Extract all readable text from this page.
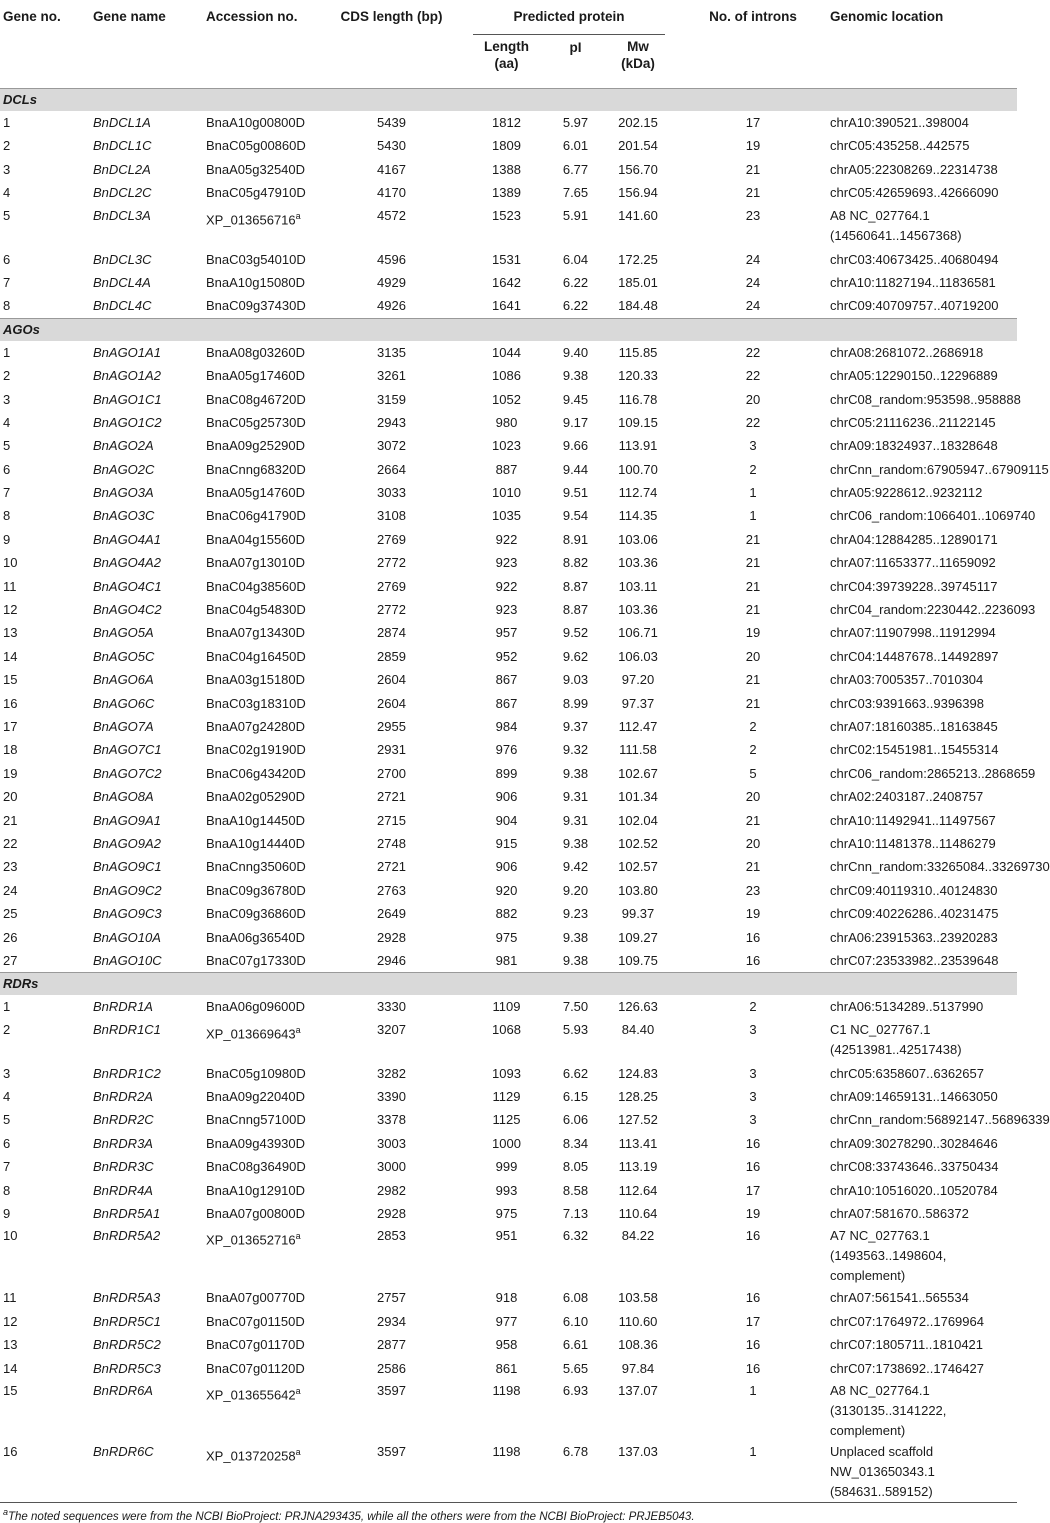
Gene no.	Gene name	Accession no.	CDS length (bp)	Predicted protein			No. of introns	Genomic location
				Length (aa)	pI	Mw (kDa)		
DCLs								
1	BnDCL1A	BnaA10g00800D	5439	1812	5.97	202.15	17	chrA10:390521..398004
2	BnDCL1C	BnaC05g00860D	5430	1809	6.01	201.54	19	chrC05:435258..442575
3	BnDCL2A	BnaA05g32540D	4167	1388	6.77	156.70	21	chrA05:22308269..22314738
4	BnDCL2C	BnaC05g47910D	4170	1389	7.65	156.94	21	chrC05:42659693..42666090
5	BnDCL3A	XP_013656716$^a$	4572	1523	5.91	141.60	23	A8 NC_027764.1 (14560641..14567368)
6	BnDCL3C	BnaC03g54010D	4596	1531	6.04	172.25	24	chrC03:40673425..40680494
7	BnDCL4A	BnaA10g15080D	4929	1642	6.22	185.01	24	chrA10:11827194..11836581
8	BnDCL4C	BnaC09g37430D	4926	1641	6.22	184.48	24	chrC09:40709757..40719200
AGOs								
1	BnAGO1A1	BnaA08g03260D	3135	1044	9.40	115.85	22	chrA08:2681072..2686918
2	BnAGO1A2	BnaA05g17460D	3261	1086	9.38	120.33	22	chrA05:12290150..12296889
3	BnAGO1C1	BnaC08g46720D	3159	1052	9.45	116.78	20	chrC08_random:953598..958888
4	BnAGO1C2	BnaC05g25730D	2943	980	9.17	109.15	22	chrC05:21116236..21122145
5	BnAGO2A	BnaA09g25290D	3072	1023	9.66	113.91	3	chrA09:18324937..18328648
6	BnAGO2C	BnaCnng68320D	2664	887	9.44	100.70	2	chrCnn_random:67905947..67909115
7	BnAGO3A	BnaA05g14760D	3033	1010	9.51	112.74	1	chrA05:9228612..9232112
8	BnAGO3C	BnaC06g41790D	3108	1035	9.54	114.35	1	chrC06_random:1066401..1069740
9	BnAGO4A1	BnaA04g15560D	2769	922	8.91	103.06	21	chrA04:12884285..12890171
10	BnAGO4A2	BnaA07g13010D	2772	923	8.82	103.36	21	chrA07:11653377..11659092
11	BnAGO4C1	BnaC04g38560D	2769	922	8.87	103.11	21	chrC04:39739228..39745117
12	BnAGO4C2	BnaC04g54830D	2772	923	8.87	103.36	21	chrC04_random:2230442..2236093
13	BnAGO5A	BnaA07g13430D	2874	957	9.52	106.71	19	chrA07:11907998..11912994
14	BnAGO5C	BnaC04g16450D	2859	952	9.62	106.03	20	chrC04:14487678..14492897
15	BnAGO6A	BnaA03g15180D	2604	867	9.03	97.20	21	chrA03:7005357..7010304
16	BnAGO6C	BnaC03g18310D	2604	867	8.99	97.37	21	chrC03:9391663..9396398
17	BnAGO7A	BnaA07g24280D	2955	984	9.37	112.47	2	chrA07:18160385..18163845
18	BnAGO7C1	BnaC02g19190D	2931	976	9.32	111.58	2	chrC02:15451981..15455314
19	BnAGO7C2	BnaC06g43420D	2700	899	9.38	102.67	5	chrC06_random:2865213..2868659
20	BnAGO8A	BnaA02g05290D	2721	906	9.31	101.34	20	chrA02:2403187..2408757
21	BnAGO9A1	BnaA10g14450D	2715	904	9.31	102.04	21	chrA10:11492941..11497567
22	BnAGO9A2	BnaA10g14440D	2748	915	9.38	102.52	20	chrA10:11481378..11486279
23	BnAGO9C1	BnaCnng35060D	2721	906	9.42	102.57	21	chrCnn_random:33265084..33269730
24	BnAGO9C2	BnaC09g36780D	2763	920	9.20	103.80	23	chrC09:40119310..40124830
25	BnAGO9C3	BnaC09g36860D	2649	882	9.23	99.37	19	chrC09:40226286..40231475
26	BnAGO10A	BnaA06g36540D	2928	975	9.38	109.27	16	chrA06:23915363..23920283
27	BnAGO10C	BnaC07g17330D	2946	981	9.38	109.75	16	chrC07:23533982..23539648
RDRs								
1	BnRDR1A	BnaA06g09600D	3330	1109	7.50	126.63	2	chrA06:5134289..5137990
2	BnRDR1C1	XP_013669643$^a$	3207	1068	5.93	84.40	3	C1 NC_027767.1 (42513981..42517438)
3	BnRDR1C2	BnaC05g10980D	3282	1093	6.62	124.83	3	chrC05:6358607..6362657
4	BnRDR2A	BnaA09g22040D	3390	1129	6.15	128.25	3	chrA09:14659131..14663050
5	BnRDR2C	BnaCnng57100D	3378	1125	6.06	127.52	3	chrCnn_random:56892147..56896339
6	BnRDR3A	BnaA09g43930D	3003	1000	8.34	113.41	16	chrA09:30278290..30284646
7	BnRDR3C	BnaC08g36490D	3000	999	8.05	113.19	16	chrC08:33743646..33750434
8	BnRDR4A	BnaA10g12910D	2982	993	8.58	112.64	17	chrA10:10516020..10520784
9	BnRDR5A1	BnaA07g00800D	2928	975	7.13	110.64	19	chrA07:581670..586372
10	BnRDR5A2	XP_013652716$^a$	2853	951	6.32	84.22	16	A7 NC_027763.1 (1493563..1498604, complement)
11	BnRDR5A3	BnaA07g00770D	2757	918	6.08	103.58	16	chrA07:561541..565534
12	BnRDR5C1	BnaC07g01150D	2934	977	6.10	110.60	17	chrC07:1764972..1769964
13	BnRDR5C2	BnaC07g01170D	2877	958	6.61	108.36	16	chrC07:1805711..1810421
14	BnRDR5C3	BnaC07g01120D	2586	861	5.65	97.84	16	chrC07:1738692..1746427
15	BnRDR6A	XP_013655642$^a$	3597	1198	6.93	137.07	1	A8 NC_027764.1 (3130135..3141222, complement)
16	BnRDR6C	XP_013720258$^a$	3597	1198	6.78	137.03	1	Unplaced scaffold NW_013650343.1 (584631..589152)
$^a$The noted sequences were from the NCBI BioProject: PRJNA293435, while all the others were from the NCBI BioProject: PRJEB5043.
